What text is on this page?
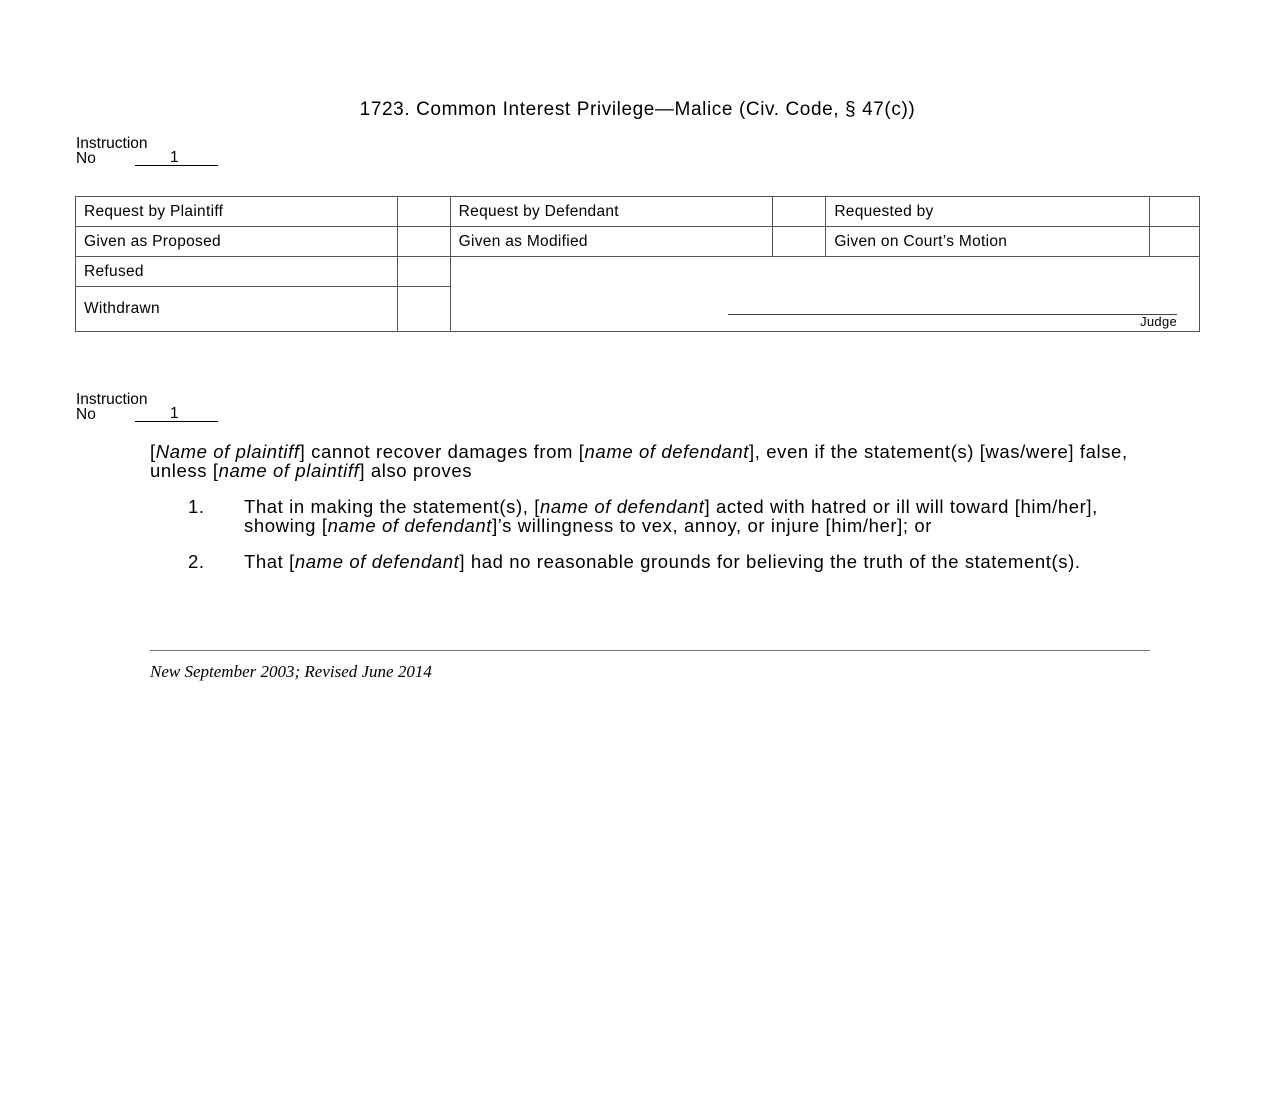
1723. Common Interest Privilege—Malice (Civ. Code, § 47(c))
Instruction
No	1
Request by Plaintiff		Request by Defendant		Requested by	
Given as Proposed		Given as Modified		Given on Court’s Motion	
Refused		Judge			

Withdrawn					
Instruction
No	1

[Name of plaintiff] cannot recover damages from [name of defendant], even if the statement(s) [was/were] false, unless [name of plaintiff] also proves

1. That in making the statement(s), [name of defendant] acted with hatred or ill will toward [him/her], showing [name of defendant]’s willingness to vex, annoy, or injure [him/her]; or
2. That [name of defendant] had no reasonable grounds for believing the truth of the statement(s).
New September 2003; Revised June 2014
